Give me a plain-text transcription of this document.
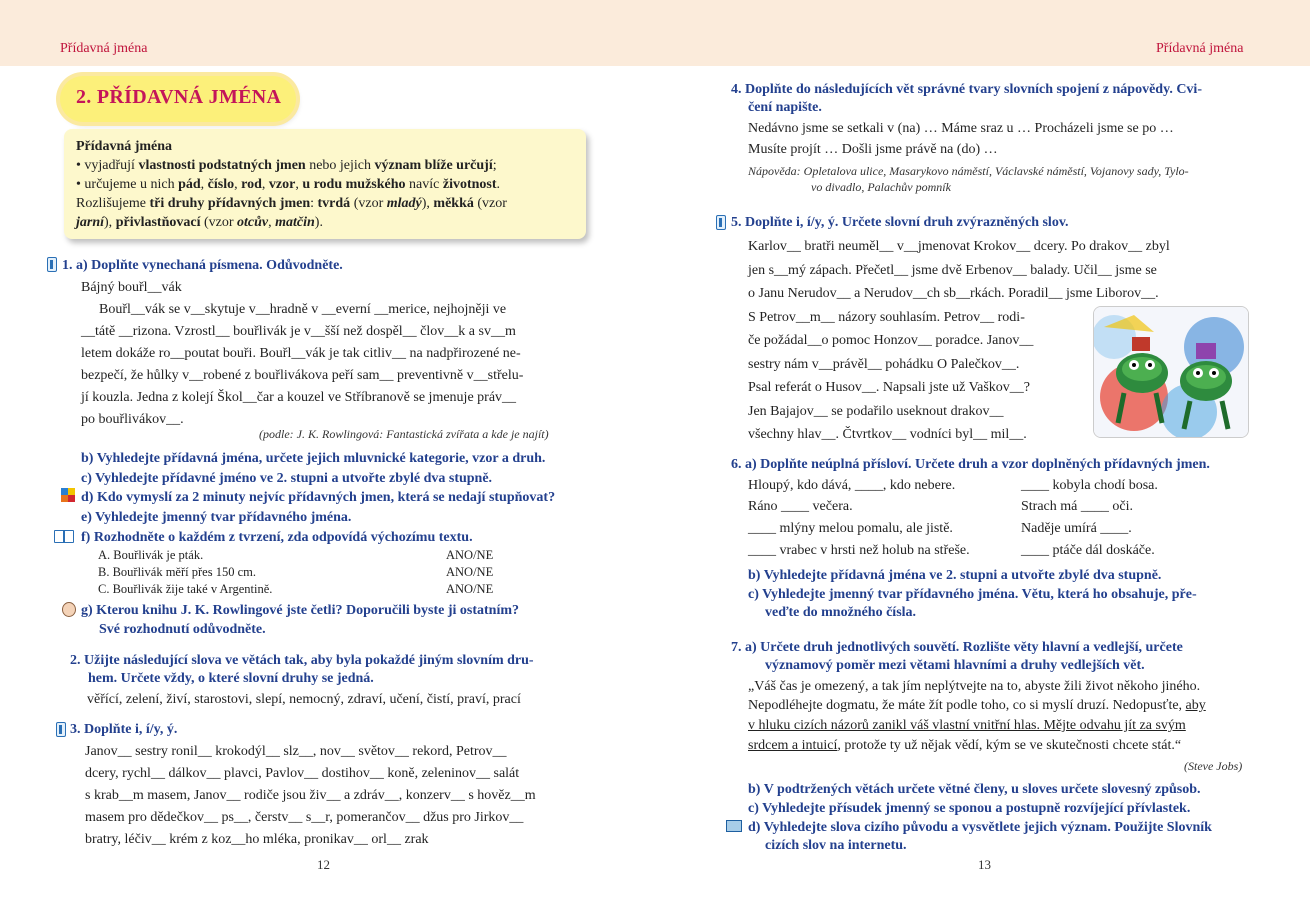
Přídavná jména	Přídavná jména
2. PŘÍDAVNÁ JMÉNA
Přídavná jména
• vyjadřují vlastnosti podstatných jmen nebo jejich význam blíže určují;
• určujeme u nich pád, číslo, rod, vzor, u rodu mužského navíc životnost.
Rozlišujeme tři druhy přídavných jmen: tvrdá (vzor mladý), měkká (vzor
jarní), přivlastňovací (vzor otcův, matčin).
1. a) Doplňte vynechaná písmena. Odůvodněte.
Bájný bouřl__vák
Bouřl__vák se v__skytuje v__hradně v __everní __merice, nejhojněji ve
__tátě __rizona. Vzrostl__ bouřlivák je v__šší než dospěl__ člov__k a sv__m
letem dokáže ro__poutat bouři. Bouřl__vák je tak citliv__ na nadpřirozené ne-
bezpečí, že hůlky v__robené z bouřlivákova peří sam__ preventivně v__střelu-
jí kouzla. Jedna z kolejí Škol__čar a kouzel ve Stříbranově se jmenuje práv__
po bouřlivákov__.
(podle: J. K. Rowlingová: Fantastická zvířata a kde je najít)
b) Vyhledejte přídavná jména, určete jejich mluvnické kategorie, vzor a druh.
c) Vyhledejte přídavné jméno ve 2. stupni a utvořte zbylé dva stupně.
d) Kdo vymyslí za 2 minuty nejvíc přídavných jmen, která se nedají stupňovat?
e) Vyhledejte jmenný tvar přídavného jména.
f) Rozhodněte o každém z tvrzení, zda odpovídá výchozímu textu.
A. Bouřlivák je pták.	ANO/NE
B. Bouřlivák měří přes 150 cm.	ANO/NE
C. Bouřlivák žije také v Argentině.	ANO/NE
g) Kterou knihu J. K. Rowlingové jste četli? Doporučili byste ji ostatním?
Své rozhodnutí odůvodněte.
2. Užijte následující slova ve větách tak, aby byla pokaždé jiným slovním dru-
hem. Určete vždy, o které slovní druhy se jedná.
věřící, zelení, živí, starostovi, slepí, nemocný, zdraví, učení, čistí, praví, prací
3. Doplňte i, í/y, ý.
Janov__ sestry ronil__ krokodýl__ slz__, nov__ světov__ rekord, Petrov__
dcery, rychl__ dálkov__ plavci, Pavlov__ dostihov__ koně, zeleninov__ salát
s krab__m masem, Janov__ rodiče jsou živ__ a zdráv__, konzerv__ s hověz__m
masem pro dědečkov__ ps__, čerstv__ s__r, pomerančov__ džus pro Jirkov__
bratry, léčiv__ krém z koz__ho mléka, pronikav__ orl__ zrak
12
4. Doplňte do následujících vět správné tvary slovních spojení z nápovědy. Cvi-
čení napište.
Nedávno jsme se setkali v (na) … Máme sraz u … Procházeli jsme se po …
Musíte projít … Došli jsme právě na (do) …
Nápověda: Opletalova ulice, Masarykovo náměstí, Václavské náměstí, Vojanovy sady, Tylo-
vo divadlo, Palachův pomník
5. Doplňte i, í/y, ý. Určete slovní druh zvýrazněných slov.
Karlov__ bratři neuměl__ v__jmenovat Krokov__ dcery. Po drakov__ zbyl
jen s__mý zápach. Přečetl__ jsme dvě Erbenov__ balady. Učil__ jsme se
o Janu Nerudov__ a Nerudov__ch sb__rkách. Poradil__ jsme Liborov__.
S Petrov__m__ názory souhlasím. Petrov__ rodi-
če požádal__o pomoc Honzov__ poradce. Janov__
sestry nám v__právěl__ pohádku O Palečkov__.
Psal referát o Husov__. Napsali jste už Vaškov__?
Jen Bajajov__ se podařilo useknout drakov__
všechny hlav__. Čtvrtkov__ vodníci byl__ mil__.
6. a) Doplňte neúplná přísloví. Určete druh a vzor doplněných přídavných jmen.
Hloupý, kdo dává, ____, kdo nebere.	____ kobyla chodí bosa.
Ráno ____ večera.	Strach má ____ oči.
____ mlýny melou pomalu, ale jistě.	Naděje umírá ____.
____ vrabec v hrsti než holub na střeše.	____ ptáče dál doskáče.
b) Vyhledejte přídavná jména ve 2. stupni a utvořte zbylé dva stupně.
c) Vyhledejte jmenný tvar přídavného jména. Větu, která ho obsahuje, pře-
veďte do množného čísla.
7. a) Určete druh jednotlivých souvětí. Rozlište věty hlavní a vedlejší, určete
významový poměr mezi větami hlavními a druhy vedlejších vět.
„Váš čas je omezený, a tak jím neplýtvejte na to, abyste žili život někoho jiného.
Nepodléhejte dogmatu, že máte žít podle toho, co si myslí druzí. Nedopusťte, aby
v hluku cizích názorů zanikl váš vlastní vnitřní hlas. Mějte odvahu jít za svým
srdcem a intuicí, protože ty už nějak vědí, kým se ve skutečnosti chcete stát.“
(Steve Jobs)
b) V podtržených větách určete větné členy, u sloves určete slovesný způsob.
c) Vyhledejte přísudek jmenný se sponou a postupně rozvíjející přívlastek.
d) Vyhledejte slova cizího původu a vysvětlete jejich význam. Použijte Slovník
cizích slov na internetu.
13
